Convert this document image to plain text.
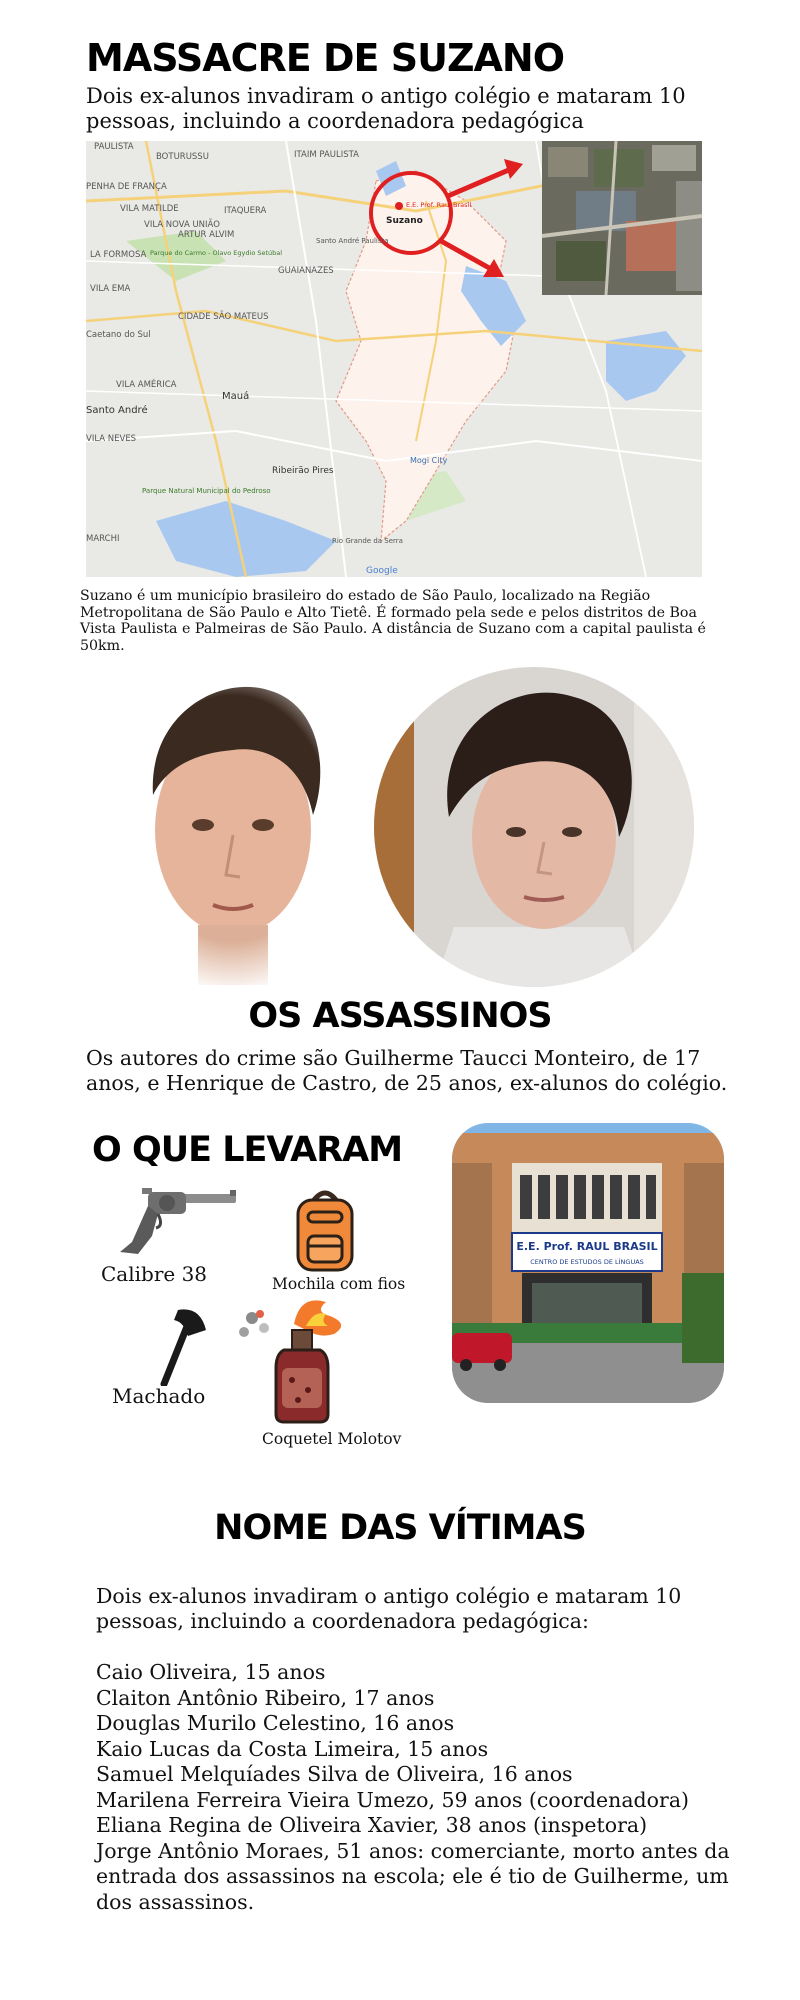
MASSACRE DE SUZANO
Dois ex-alunos invadiram o antigo colégio e mataram 10 pessoas, incluindo a coordenadora pedagógica
PAULISTA
BOTURUSSU	ITAIM PAULISTA
PENHA DE FRANÇA
VILA MATILDE	ITAQUERA
VILA NOVA UNIÃO
ARTUR ALVIM
Santo André Paulista
LA FORMOSA Parque do Carmo - Olavo Egydio Setúbal
GUAIANAZES
VILA EMA
CIDADE SÃO MATEUS
Caetano do Sul
VILA AMÉRICA
Mauá
Santo André
VILA NEVES
Parque Natural Municipal do Pedroso
Ribeirão Pires
Mogi City
Rio Grande da Serra
MARCHI
Suzano
E.E. Prof. Raul Brasil
Google
Suzano é um município brasileiro do estado de São Paulo, localizado na Região Metropolitana de São Paulo e Alto Tietê. É formado pela sede e pelos distritos de Boa Vista Paulista e Palmeiras de São Paulo. A distância de Suzano com a capital paulista é 50km.
OS ASSASSINOS
Os autores do crime são Guilherme Taucci Monteiro, de 17 anos, e Henrique de Castro, de 25 anos, ex-alunos do colégio.
O QUE LEVARAM
Calibre 38	Mochila com fios
Machado
Coquetel Molotov
E.E. Prof. RAUL BRASIL
CENTRO DE ESTUDOS DE LÍNGUAS
NOME DAS VÍTIMAS
Dois ex-alunos invadiram o antigo colégio e mataram 10 pessoas, incluindo a coordenadora pedagógica:
Caio Oliveira, 15 anos
Claiton Antônio Ribeiro, 17 anos
Douglas Murilo Celestino, 16 anos
Kaio Lucas da Costa Limeira, 15 anos
Samuel Melquíades Silva de Oliveira, 16 anos
Marilena Ferreira Vieira Umezo, 59 anos (coordenadora)
Eliana Regina de Oliveira Xavier, 38 anos (inspetora)
Jorge Antônio Moraes, 51 anos: comerciante, morto antes da entrada dos assassinos na escola; ele é tio de Guilherme, um dos assassinos.
